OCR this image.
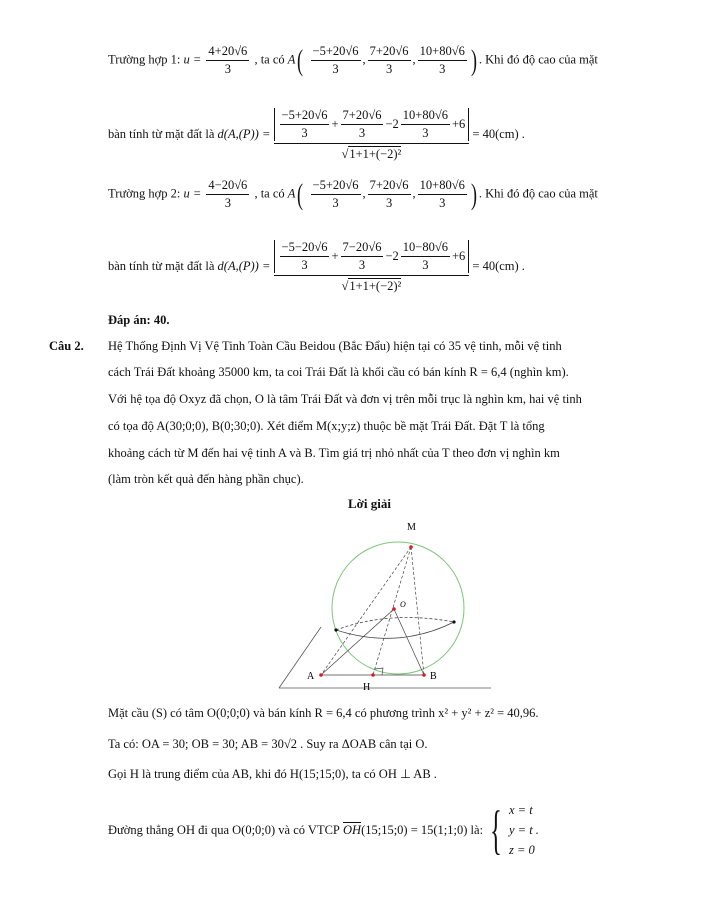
Trường hợp 1: $u = \frac{4+20√6}{3}$ , ta có $A( \frac{-5+20√6}{3}$ , $\frac{7+20√6}{3}$ , $\frac{10+80√6}{3}$ ) . Khi đó độ cao của mặt
bàn tính từ mặt đất là $d(A,(P)) = \frac{-5+20√6}{3} + \frac{7+20√6}{3} -2 \frac{10+80√6}{3} +6$
√1+1+(−2)²
= 40(cm) .
Trường hợp 2: $u = \frac{4-20√6}{3}$ , ta có $A( \frac{-5+20√6}{3}$ , $\frac{7+20√6}{3}$ , $\frac{10+80√6}{3}$ ) . Khi đó độ cao của mặt
bàn tính từ mặt đất là $d(A,(P)) = \frac{-5-20√6}{3} + \frac{7-20√6}{3} -2 \frac{10-80√6}{3} +6$
√1+1+(−2)²
= 40(cm) .
Đáp án: 40.
Câu 2. Hệ Thống Định Vị Vệ Tinh Toàn Cầu Beidou (Bắc Đẩu) hiện tại có 35 vệ tinh, mỗi vệ tinh
cách Trái Đất khoảng 35000 km, ta coi Trái Đất là khối cầu có bán kính R = 6,4 (nghìn km).
Với hệ tọa độ Oxyz đã chọn, O là tâm Trái Đất và đơn vị trên mỗi trục là nghìn km, hai vệ tinh
có tọa độ A(30;0;0), B(0;30;0). Xét điểm M(x;y;z) thuộc bề mặt Trái Đất. Đặt T là tổng
khoảng cách từ M đến hai vệ tinh A và B. Tìm giá trị nhỏ nhất của T theo đơn vị nghìn km
(làm tròn kết quả đến hàng phần chục).
Lời giải
M
O
A	B
H
Mặt cầu (S) có tâm O(0;0;0) và bán kính R = 6,4 có phương trình x² + y² + z² = 40,96.
Ta có: OA = 30; OB = 30; AB = 30√2 . Suy ra ΔOAB cân tại O.
Gọi H là trung điểm của AB, khi đó H(15;15;0), ta có OH ⊥ AB .
Đường thẳng OH đi qua O(0;0;0) và có VTCP
OH (15;15;0) = 15(1;1;0) là: { x = t
y = t .
z = 0
